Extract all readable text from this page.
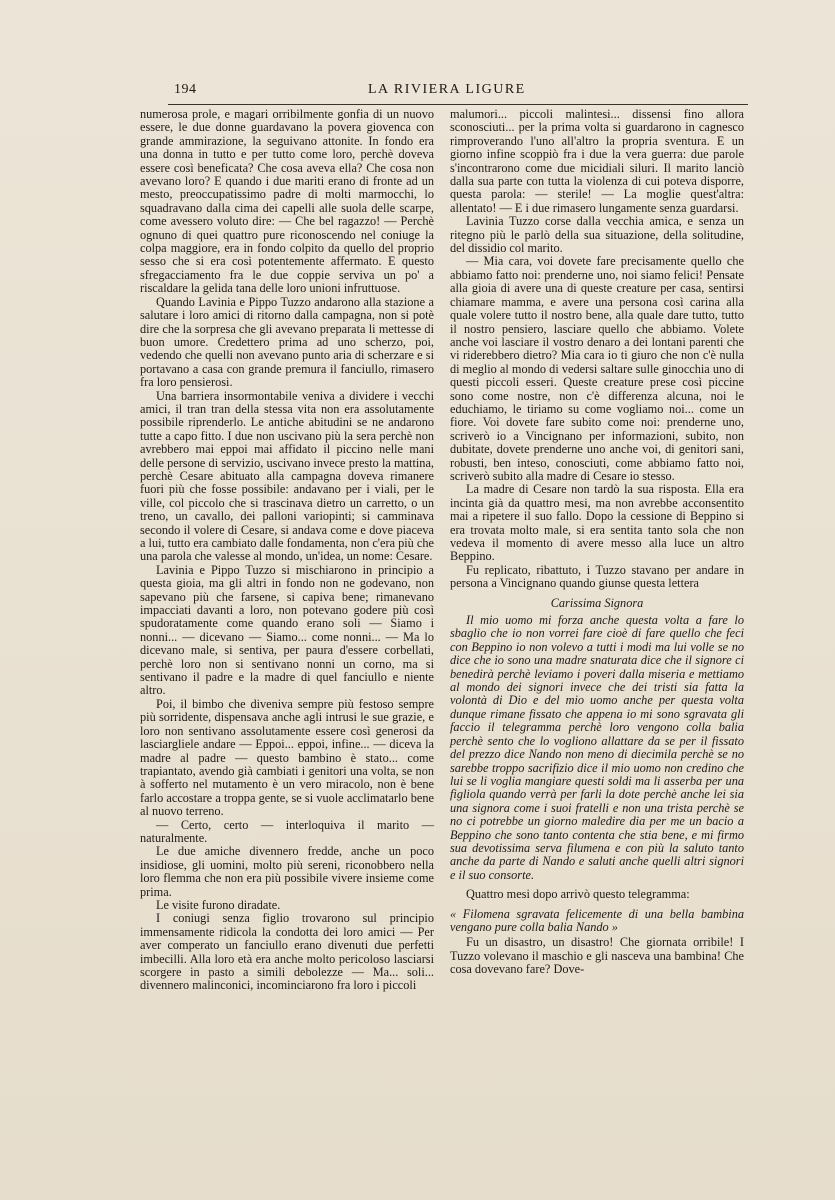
194	LA RIVIERA LIGURE

numerosa prole, e magari orribilmente gonfia di un nuovo essere, le due donne guardavano la povera giovenca con grande ammirazione, la seguivano attonite. In fondo era una donna in tutto e per tutto come loro, perchè doveva essere così beneficata? Che cosa aveva ella? Che cosa non avevano loro? E quando i due mariti erano di fronte ad un mesto, preoccupatissimo padre di molti marmocchi, lo squadravano dalla cima dei capelli alle suola delle scarpe, come avessero voluto dire: — Che bel ragazzo! — Perchè ognuno di quei quattro pure riconoscendo nel coniuge la colpa maggiore, era in fondo colpito da quello del proprio sesso che si era così potentemente affermato. E questo sfregacciamento fra le due coppie serviva un po' a riscaldare la gelida tana delle loro unioni infruttuose.

Quando Lavinia e Pippo Tuzzo andarono alla stazione a salutare i loro amici di ritorno dalla campagna, non si potè dire che la sorpresa che gli avevano preparata li mettesse di buon umore. Credettero prima ad uno scherzo, poi, vedendo che quelli non avevano punto aria di scherzare e si portavano a casa con grande premura il fanciullo, rimasero fra loro pensierosi.

Una barriera insormontabile veniva a dividere i vecchi amici, il tran tran della stessa vita non era assolutamente possibile riprenderlo. Le antiche abitudini se ne andarono tutte a capo fitto. I due non uscivano più la sera perchè non avrebbero mai eppoi mai affidato il piccino nelle mani delle persone di servizio, uscivano invece presto la mattina, perchè Cesare abituato alla campagna doveva rimanere fuori più che fosse possibile: andavano per i viali, per le ville, col piccolo che si trascinava dietro un carretto, o un treno, un cavallo, dei palloni variopinti; si camminava secondo il volere di Cesare, si andava come e dove piaceva a lui, tutto era cambiato dalle fondamenta, non c'era più che una parola che valesse al mondo, un'idea, un nome: Cesare.

Lavinia e Pippo Tuzzo si mischiarono in principio a questa gioia, ma gli altri in fondo non ne godevano, non sapevano più che farsene, si capiva bene; rimanevano impacciati davanti a loro, non potevano godere più così spudoratamente come quando erano soli — Siamo i nonni... — dicevano — Siamo... come nonni... — Ma lo dicevano male, si sentiva, per paura d'essere corbellati, perchè loro non si sentivano nonni un corno, ma si sentivano il padre e la madre di quel fanciullo e niente altro.

Poi, il bimbo che diveniva sempre più festoso sempre più sorridente, dispensava anche agli intrusi le sue grazie, e loro non sentivano assolutamente essere così generosi da lasciargliele andare — Eppoi... eppoi, infine... — diceva la madre al padre — questo bambino è stato... come trapiantato, avendo già cambiati i genitori una volta, se non à sofferto nel mutamento è un vero miracolo, non è bene farlo accostare a troppa gente, se si vuole acclimatarlo bene al nuovo terreno.

— Certo, certo — interloquiva il marito — naturalmente.

Le due amiche divennero fredde, anche un poco insidiose, gli uomini, molto più sereni, riconobbero nella loro flemma che non era più possibile vivere insieme come prima.

Le visite furono diradate.

I coniugi senza figlio trovarono sul principio immensamente ridicola la condotta dei loro amici — Per aver comperato un fanciullo erano divenuti due perfetti imbecilli. Alla loro età era anche molto pericoloso lasciarsi scorgere in pasto a simili debolezze — Ma... soli... divennero malinconici, incominciarono fra loro i piccoli

malumori... piccoli malintesi... dissensi fino allora sconosciuti... per la prima volta si guardarono in cagnesco rimproverando l'uno all'altro la propria sventura. E un giorno infine scoppiò fra i due la vera guerra: due parole s'incontrarono come due micidiali siluri. Il marito lanciò dalla sua parte con tutta la violenza di cui poteva disporre, questa parola: — sterile! — La moglie quest'altra: allentato! — E i due rimasero lungamente senza guardarsi.

Lavinia Tuzzo corse dalla vecchia amica, e senza un ritegno più le parlò della sua situazione, della solitudine, del dissidio col marito.

— Mia cara, voi dovete fare precisamente quello che abbiamo fatto noi: prenderne uno, noi siamo felici! Pensate alla gioia di avere una di queste creature per casa, sentirsi chiamare mamma, e avere una persona così carina alla quale volere tutto il nostro bene, alla quale dare tutto, tutto il nostro pensiero, lasciare quello che abbiamo. Volete anche voi lasciare il vostro denaro a dei lontani parenti che vi riderebbero dietro? Mia cara io ti giuro che non c'è nulla di meglio al mondo di vedersi saltare sulle ginocchia uno di questi piccoli esseri. Queste creature prese così piccine sono come nostre, non c'è differenza alcuna, noi le educhiamo, le tiriamo su come vogliamo noi... come un fiore. Voi dovete fare subito come noi: prenderne uno, scriverò io a Vincignano per informazioni, subito, non dubitate, dovete prenderne uno anche voi, di genitori sani, robusti, ben inteso, conosciuti, come abbiamo fatto noi, scriverò subito alla madre di Cesare io stesso.

La madre di Cesare non tardò la sua risposta. Ella era incinta già da quattro mesi, ma non avrebbe acconsentito mai a ripetere il suo fallo. Dopo la cessione di Beppino si era trovata molto male, si era sentita tanto sola che non vedeva il momento di avere messo alla luce un altro Beppino.

Fu replicato, ribattuto, i Tuzzo stavano per andare in persona a Vincignano quando giunse questa lettera

Carissima Signora

Il mio uomo mi forza anche questa volta a fare lo sbaglio che io non vorrei fare cioè di fare quello che feci con Beppino io non volevo a tutti i modi ma lui volle se no dice che io sono una madre snaturata dice che il signore ci benedirà perchè leviamo i poveri dalla miseria e mettiamo al mondo dei signori invece che dei tristi sia fatta la volontà di Dio e del mio uomo anche per questa volta dunque rimane fissato che appena io mi sono sgravata gli faccio il telegramma perchè loro vengono colla balia perchè sento che lo vogliono allattare da se per il fissato del prezzo dice Nando non meno di diecimila perchè se no sarebbe troppo sacrifizio dice il mio uomo non credino che lui se li voglia mangiare questi soldi ma li asserba per una figliola quando verrà per farli la dote perchè anche lei sia una signora come i suoi fratelli e non una trista perchè se no ci potrebbe un giorno maledire dia per me un bacio a Beppino che sono tanto contenta che stia bene, e mi firmo sua devotissima serva filumena e con più la saluto tanto anche da parte di Nando e saluti anche quelli altri signori e il suo consorte.

Quattro mesi dopo arrivò questo telegramma:

« Filomena sgravata felicemente di una bella bambina vengano pure colla balia Nando »

Fu un disastro, un disastro! Che giornata orribile! I Tuzzo volevano il maschio e gli nasceva una bambina! Che cosa dovevano fare? Dove-
